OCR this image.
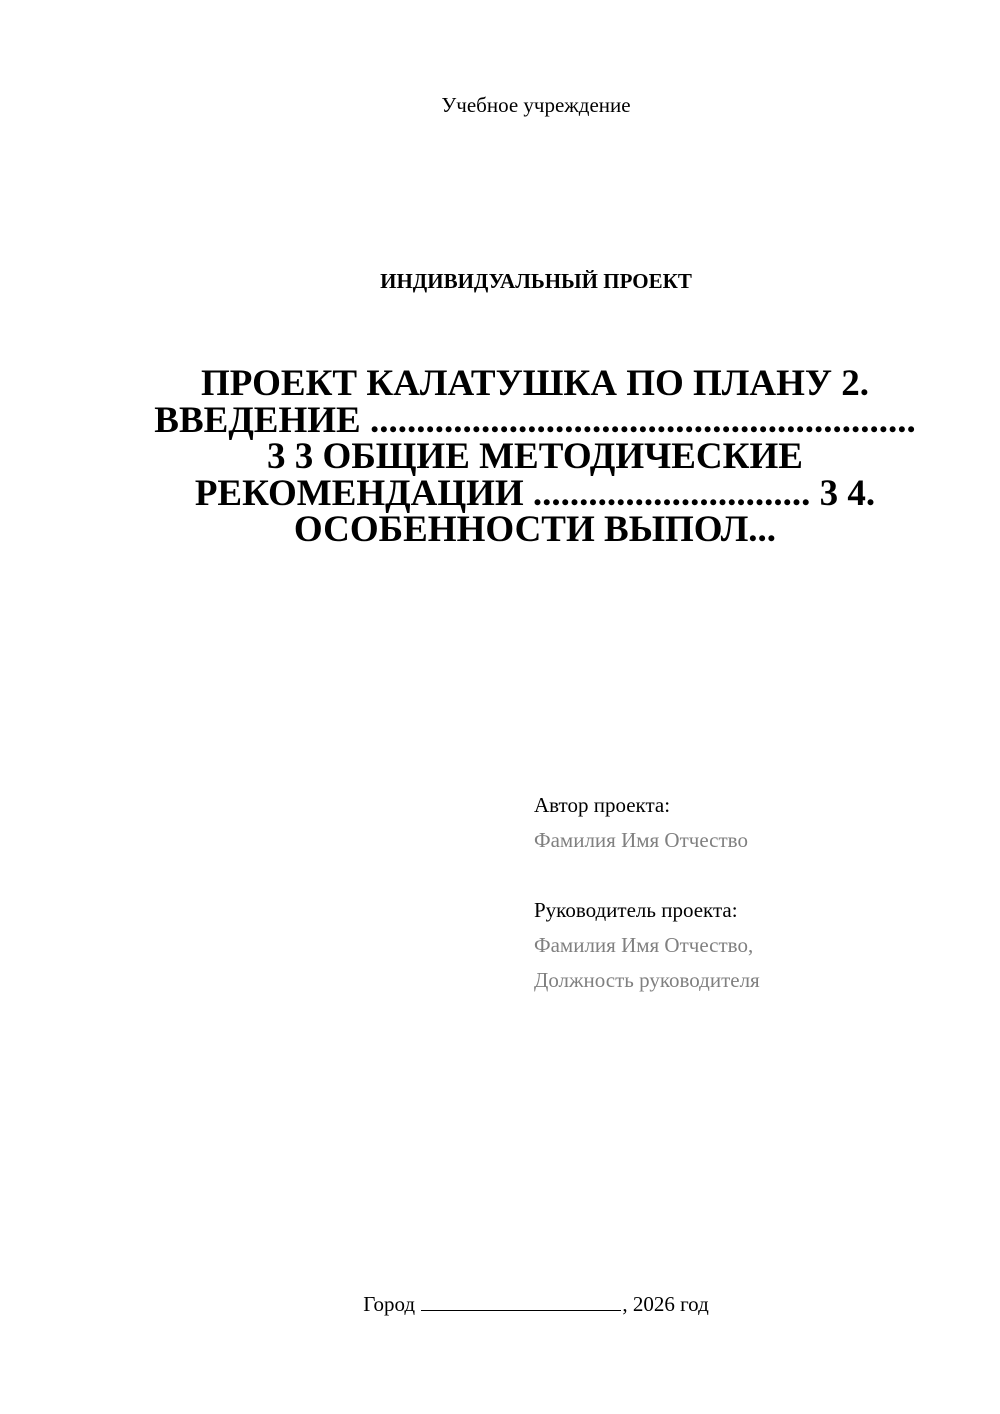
Учебное учреждение
ИНДИВИДУАЛЬНЫЙ ПРОЕКТ
ПРОЕКТ КАЛАТУШКА ПО ПЛАНУ 2. ВВЕДЕНИЕ ........................................................... 3 3 ОБЩИЕ МЕТОДИЧЕСКИЕ РЕКОМЕНДАЦИИ .............................. 3 4. ОСОБЕННОСТИ ВЫПОЛ...
Автор проекта:
Фамилия Имя Отчество
Руководитель проекта:
Фамилия Имя Отчество,
Должность руководителя
Город	, 2026 год
